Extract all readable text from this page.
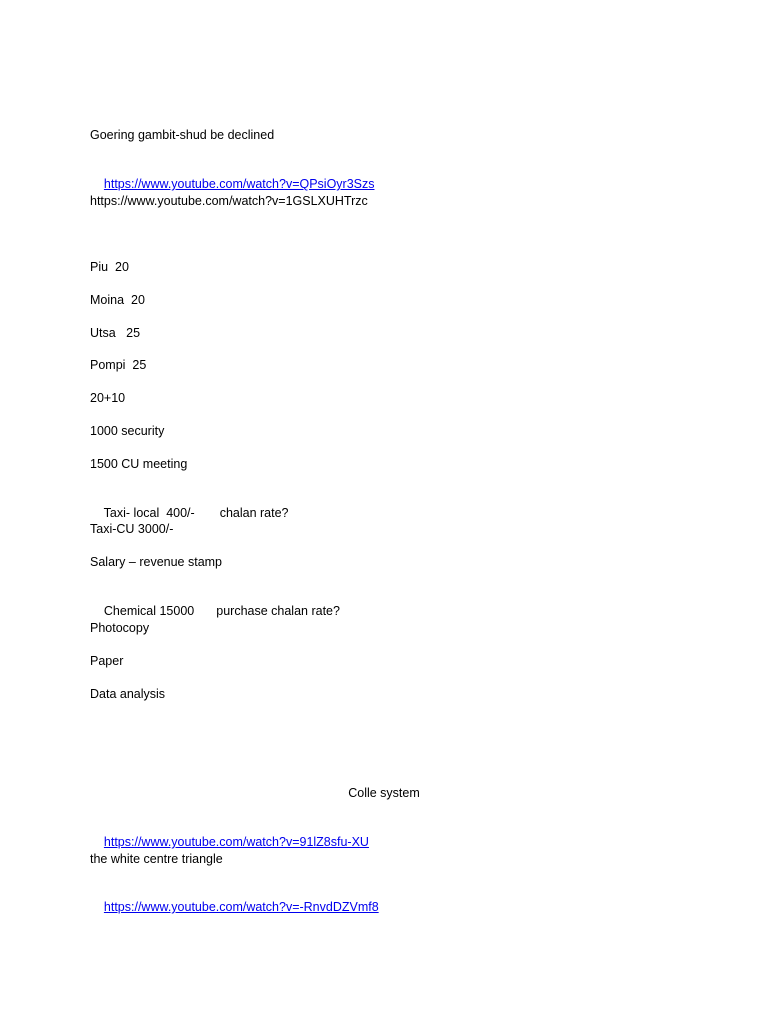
Goering gambit-shud be declined

https://www.youtube.com/watch?v=QPsiOyr3Szs

https://www.youtube.com/watch?v=1GSLXUHTrzc
Piu  20
Moina  20
Utsa   25
Pompi  25
20+10
1000 security
1500 CU meeting

Taxi- local  400/- chalan rate?

Taxi-CU 3000/-
Salary – revenue stamp

Chemical 15000 purchase chalan rate?

Photocopy
Paper
Data analysis
Colle system

https://www.youtube.com/watch?v=91lZ8sfu-XU

the white centre triangle

https://www.youtube.com/watch?v=-RnvdDZVmf8
